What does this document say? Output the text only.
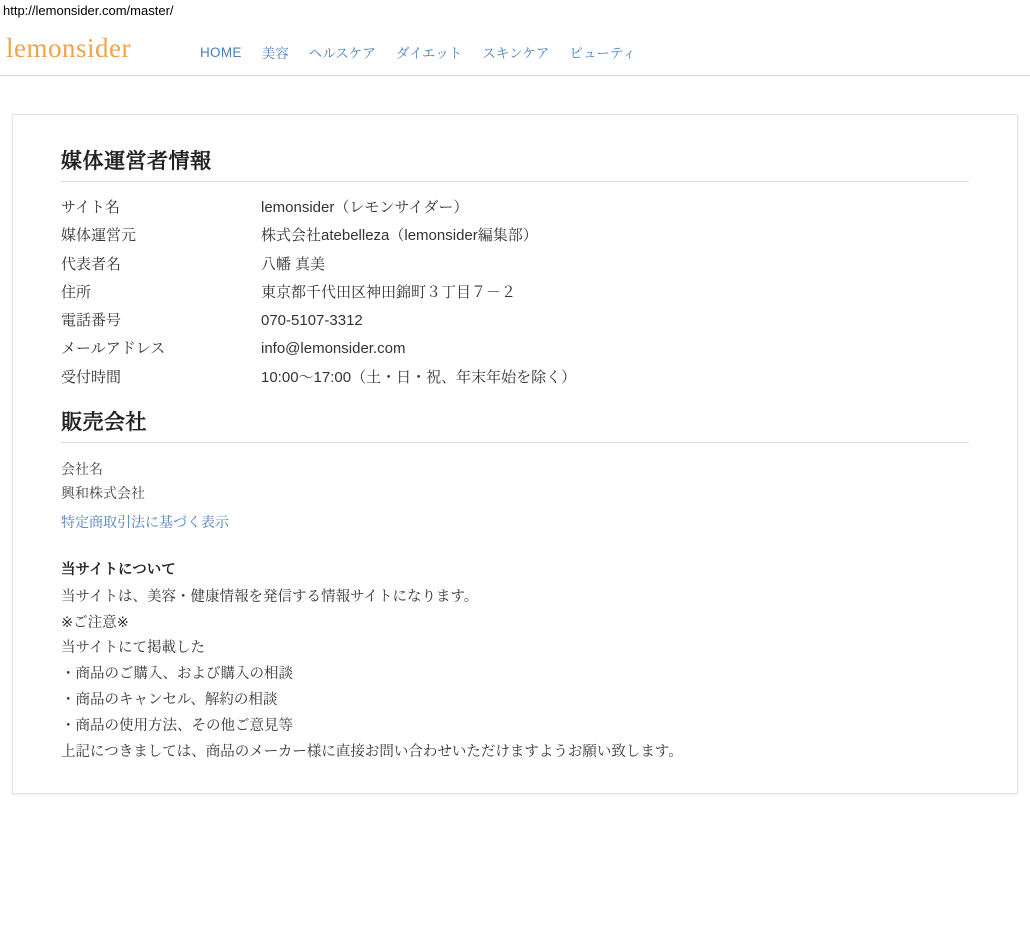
http://lemonsider.com/master/
lemonsider	HOME 美容 ヘルスケア ダイエット スキンケア ビューティ
媒体運営者情報
サイト名	lemonsider（レモンサイダー）
媒体運営元	株式会社atebelleza（lemonsider編集部）
代表者名	八幡 真美
住所	東京都千代田区神田錦町３丁目７－２
電話番号	070-5107-3312
メールアドレス	info@lemonsider.com
受付時間	10:00〜17:00（土・日・祝、年末年始を除く）
販売会社
会社名
興和株式会社
特定商取引法に基づく表示
当サイトについて
当サイトは、美容・健康情報を発信する情報サイトになります。
※ご注意※
当サイトにて掲載した
・商品のご購入、および購入の相談
・商品のキャンセル、解約の相談
・商品の使用方法、その他ご意見等
上記につきましては、商品のメーカー様に直接お問い合わせいただけますようお願い致します。
